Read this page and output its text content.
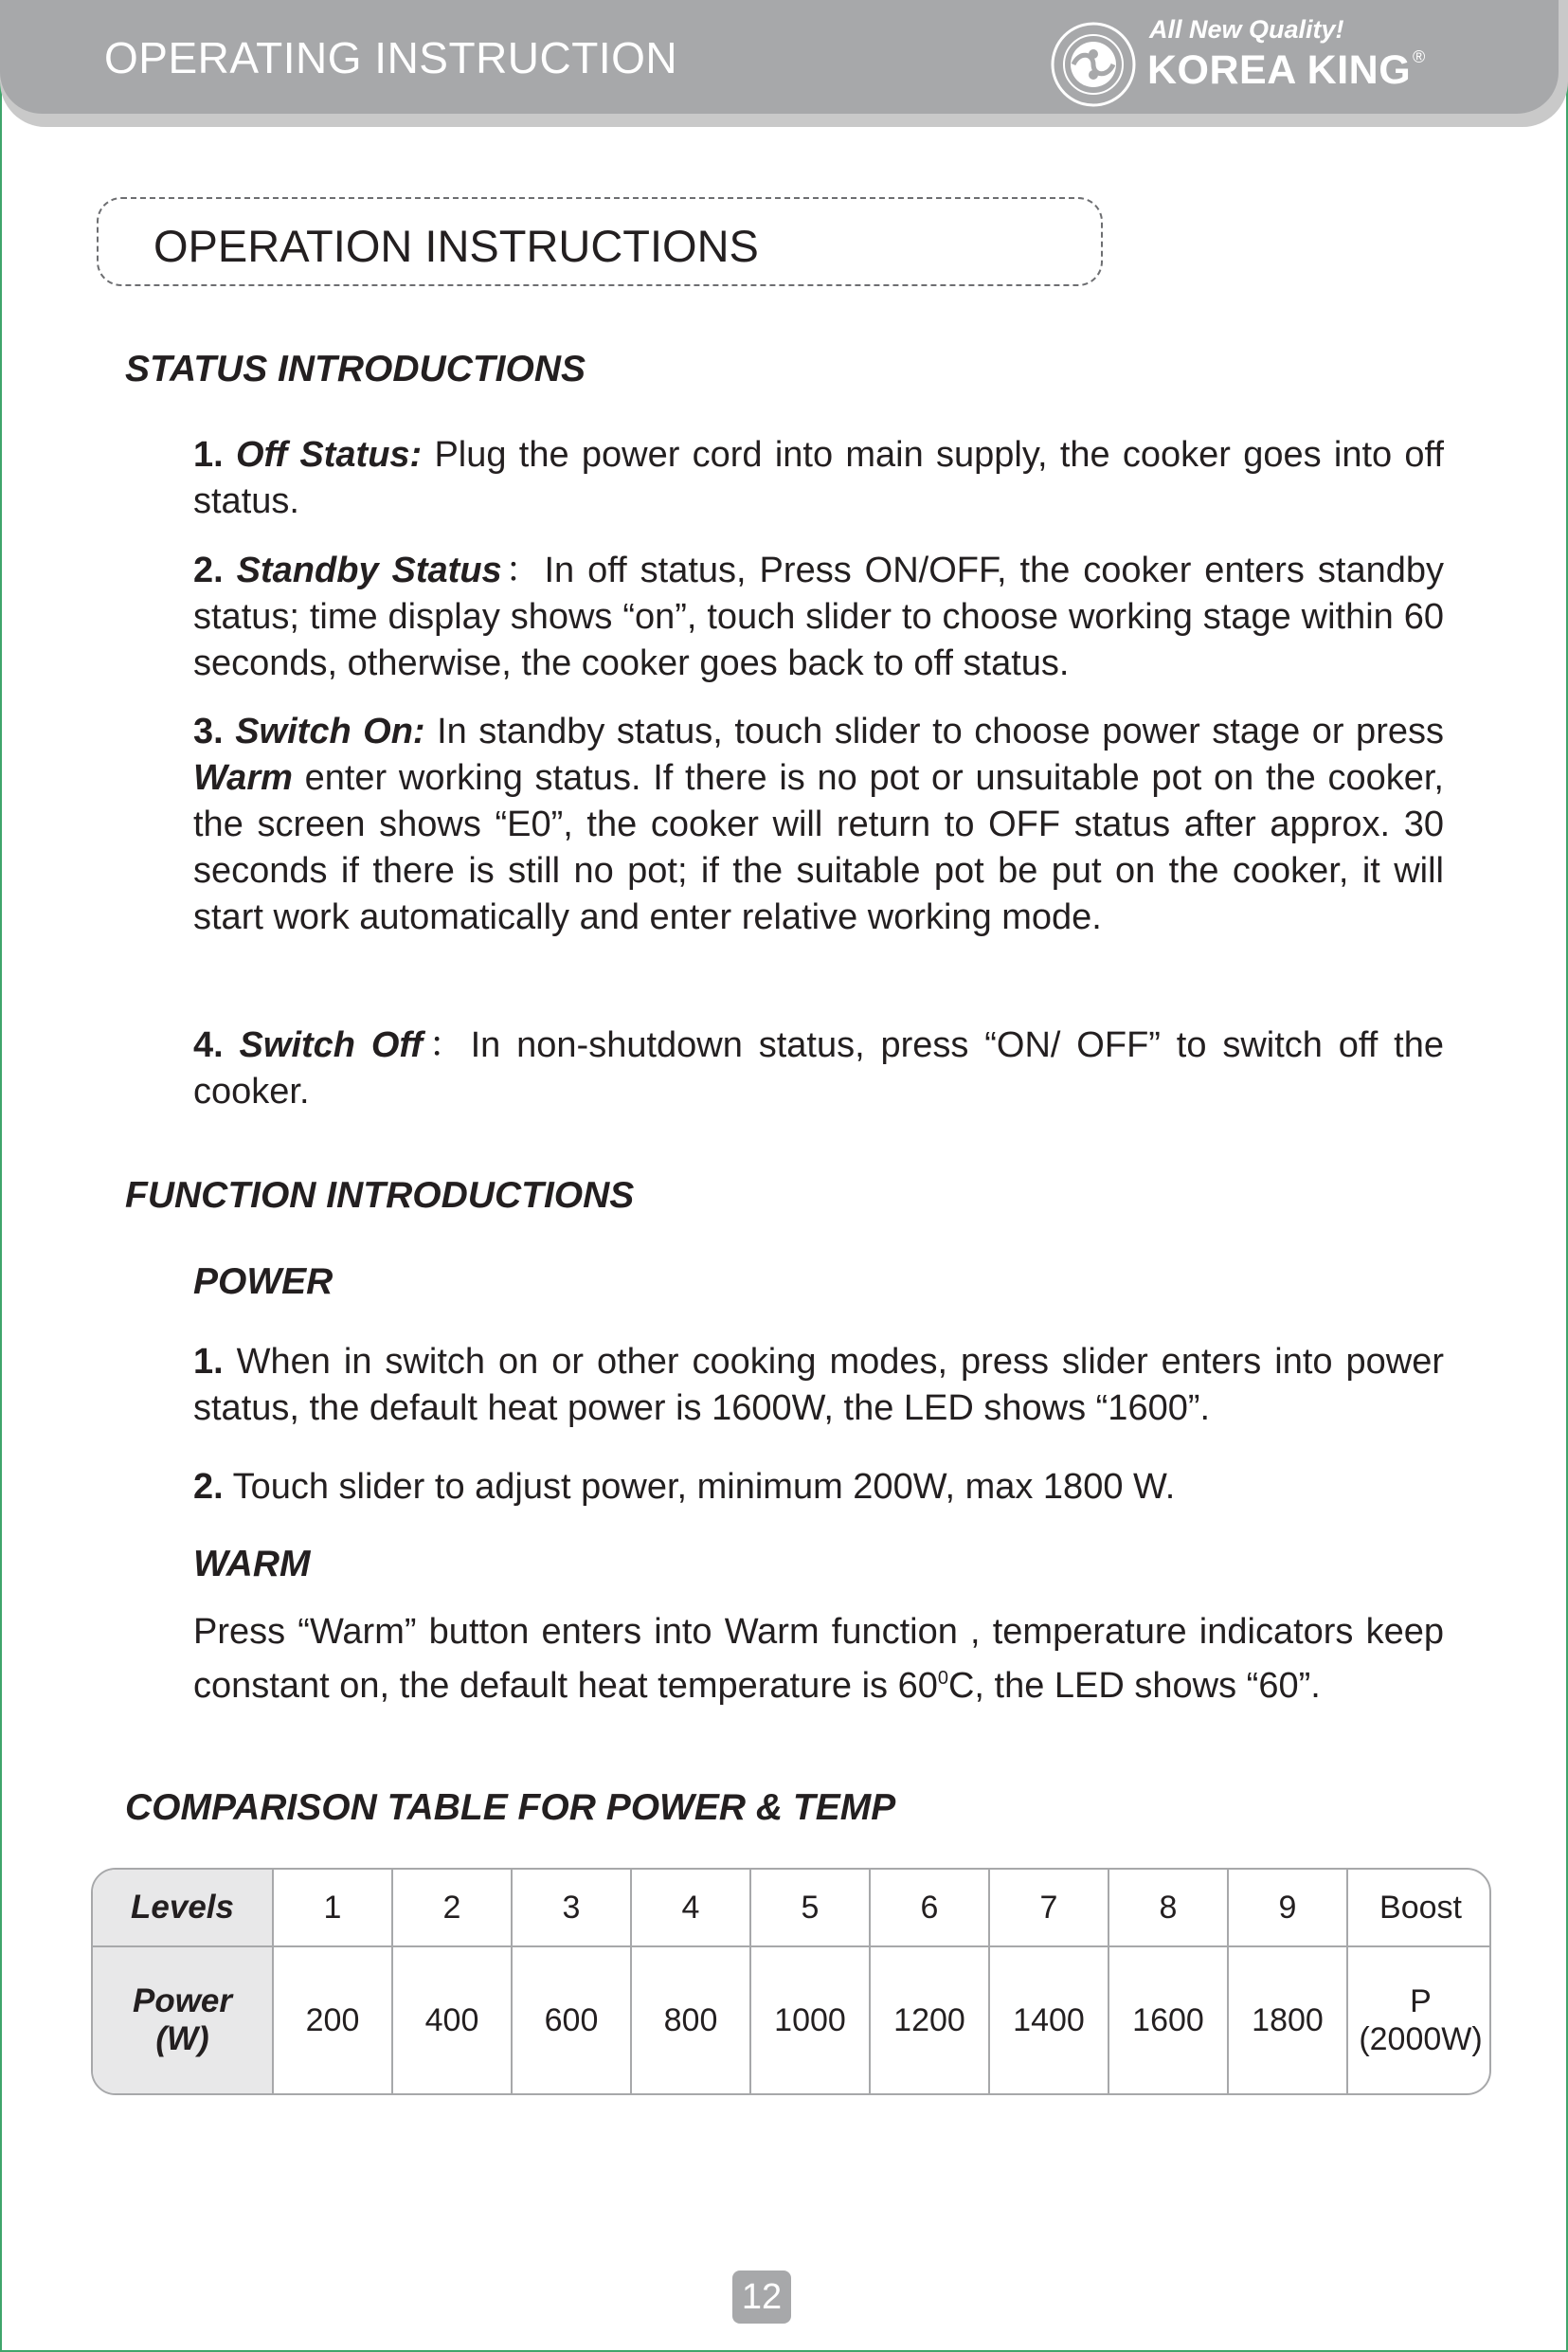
OPERATING INSTRUCTION
All New Quality!
KOREA KING ®
OPERATION INSTRUCTIONS
STATUS INTRODUCTIONS
1. Off Status: Plug the power cord into main supply, the cooker goes into off status.
2. Standby Status：In off status, Press ON/OFF, the cooker enters standby status; time display shows “on”, touch slider to choose working stage within 60 seconds, otherwise, the cooker goes back to off status.
3. Switch On: In standby status, touch slider to choose power stage or press Warm enter working status. If there is no pot or unsuitable pot on the cooker, the screen shows “E0”, the cooker will return to OFF status after approx. 30 seconds if there is still no pot; if the suitable pot be put on the cooker, it will start work automatically and enter relative working mode.
4. Switch Off：In non-shutdown status, press “ON/ OFF” to switch off the cooker.
FUNCTION INTRODUCTIONS
POWER
1. When in switch on or other cooking modes, press slider enters into power status, the default heat power is 1600W, the LED shows “1600”.
2. Touch slider to adjust power, minimum 200W, max 1800 W.
WARM
Press “Warm” button enters into Warm function , temperature indicators keep constant on, the default heat temperature is $60^0C$, the LED shows “60”.
COMPARISON TABLE FOR POWER & TEMP
Levels	1	2	3	4	5	6	7	8	9	Boost
Power
(W)	200	400	600	800	1000	1200	1400	1600	1800	P
(2000W)
12
